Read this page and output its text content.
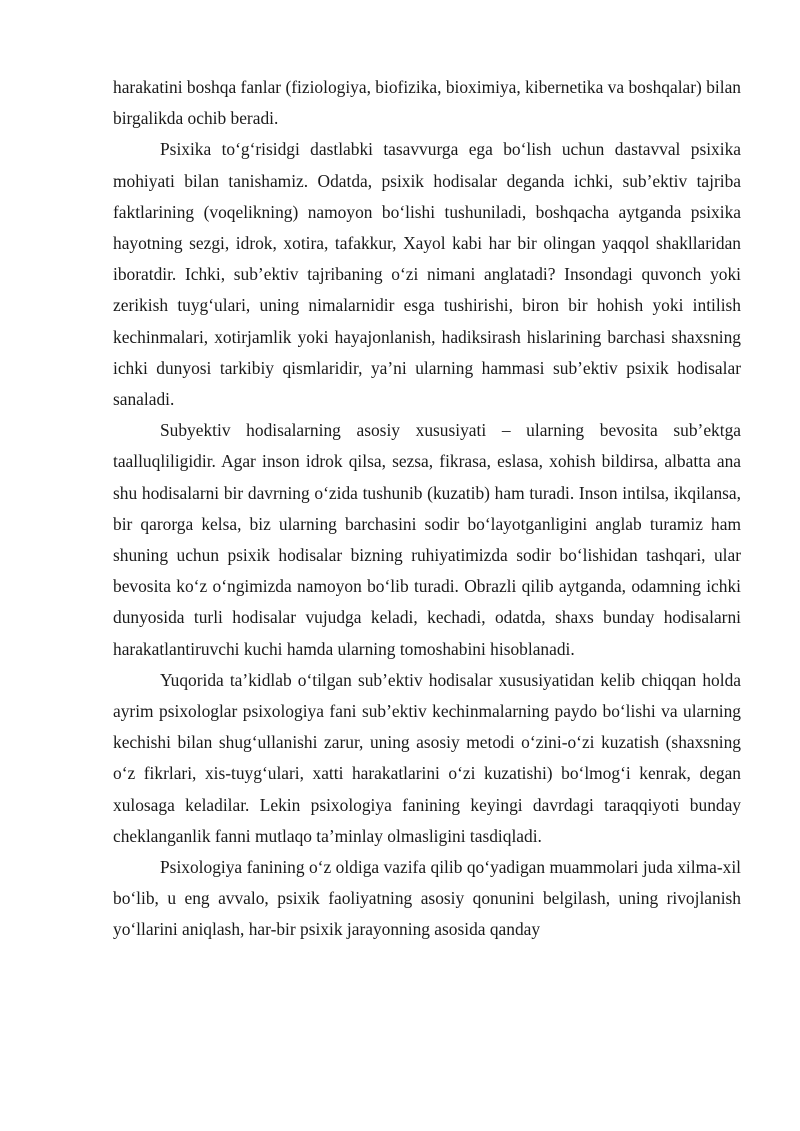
harakatini boshqa fanlar (fiziologiya, biofizika, bioximiya, kibernetika va boshqalar) bilan birgalikda ochib beradi.

Psixika to‘g‘risidgi dastlabki tasavvurga ega bo‘lish uchun dastavval psixika mohiyati bilan tanishamiz. Odatda, psixik hodisalar deganda ichki, sub’ektiv tajriba faktlarining (voqelikning) namoyon bo‘lishi tushuniladi, boshqacha aytganda psixika hayotning sezgi, idrok, xotira, tafakkur, Xayol kabi har bir olingan yaqqol shakllaridan iboratdir. Ichki, sub’ektiv tajribaning o‘zi nimani anglatadi? Insondagi quvonch yoki zerikish tuyg‘ulari, uning nimalarnidir esga tushirishi, biron bir hohish yoki intilish kechinmalari, xotirjamlik yoki hayajonlanish, hadiksirash hislarining barchasi shaxsning ichki dunyosi tarkibiy qismlaridir, ya’ni ularning hammasi sub’ektiv psixik hodisalar sanaladi.

Subyektiv hodisalarning asosiy xususiyati – ularning bevosita sub’ektga taalluqliligidir. Agar inson idrok qilsa, sezsa, fikrasa, eslasa, xohish bildirsa, albatta ana shu hodisalarni bir davrning o‘zida tushunib (kuzatib) ham turadi. Inson intilsa, ikqilansa, bir qarorga kelsa, biz ularning barchasini sodir bo‘layotganligini anglab turamiz ham shuning uchun psixik hodisalar bizning ruhiyatimizda sodir bo‘lishidan tashqari, ular bevosita ko‘z o‘ngimizda namoyon bo‘lib turadi. Obrazli qilib aytganda, odamning ichki dunyosida turli hodisalar vujudga keladi, kechadi, odatda, shaxs bunday hodisalarni harakatlantiruvchi kuchi hamda ularning tomoshabini hisoblanadi.

Yuqorida ta’kidlab o‘tilgan sub’ektiv hodisalar xususiyatidan kelib chiqqan holda ayrim psixologlar psixologiya fani sub’ektiv kechinmalarning paydo bo‘lishi va ularning kechishi bilan shug‘ullanishi zarur, uning asosiy metodi o‘zini-o‘zi kuzatish (shaxsning o‘z fikrlari, xis-tuyg‘ulari, xatti harakatlarini o‘zi kuzatishi) bo‘lmog‘i kenrak, degan xulosaga keladilar. Lekin psixologiya fanining keyingi davrdagi taraqqiyoti bunday cheklanganlik fanni mutlaqo ta’minlay olmasligini tasdiqladi.

Psixologiya fanining o‘z oldiga vazifa qilib qo‘yadigan muammolari juda xilma-xil bo‘lib, u eng avvalo, psixik faoliyatning asosiy qonunini belgilash, uning rivojlanish yo‘llarini aniqlash, har-bir psixik jarayonning asosida qanday
